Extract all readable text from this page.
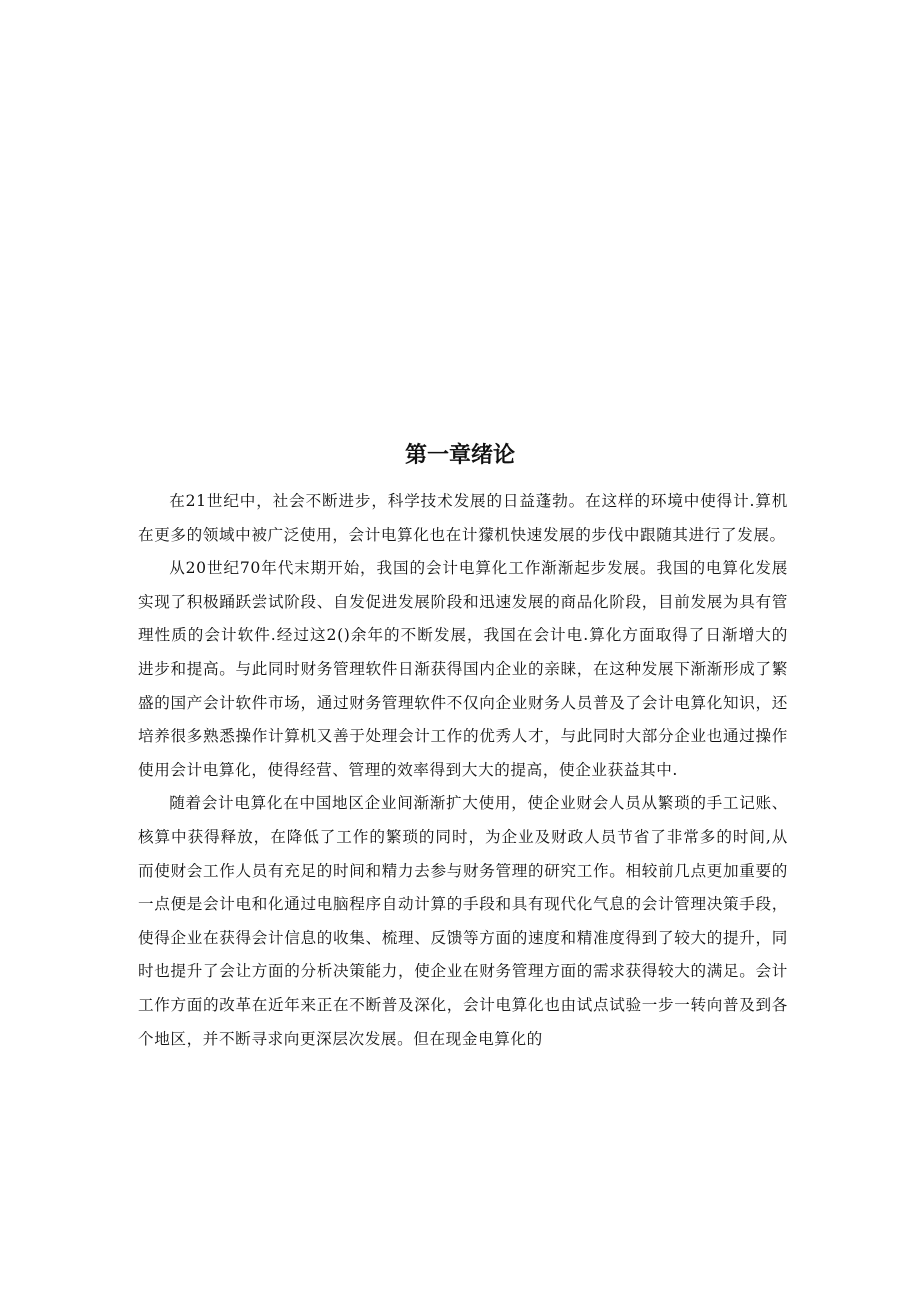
第一章绪论

在21世纪中，社会不断进步，科学技术发展的日益蓬勃。在这样的环境中使得计.算机在更多的领域中被广泛使用，会计电算化也在计獴机快速发展的步伐中跟随其进行了发展。

从20世纪70年代末期开始，我国的会计电算化工作渐渐起步发展。我国的电算化发展实现了积极踊跃尝试阶段、自发促进发展阶段和迅速发展的商品化阶段，目前发展为具有管理性质的会计软件.经过这2()余年的不断发展，我国在会计电.算化方面取得了日渐增大的进步和提高。与此同时财务管理软件日渐获得国内企业的亲睐，在这种发展下渐渐形成了繁盛的国产会计软件市场，通过财务管理软件不仅向企业财务人员普及了会计电算化知识，还培养很多熟悉操作计算机又善于处理会计工作的优秀人才，与此同时大部分企业也通过操作使用会计电算化，使得经营、管理的效率得到大大的提高，使企业获益其中.

随着会计电算化在中国地区企业间渐渐扩大使用，使企业财会人员从繁琐的手工记账、核算中获得释放，在降低了工作的繁琐的同时，为企业及财政人员节省了非常多的时间,从而使财会工作人员有充足的时间和精力去参与财务管理的研究工作。相较前几点更加重要的一点便是会计电和化通过电脑程序自动计算的手段和具有现代化气息的会计管理决策手段，使得企业在获得会计信息的收集、梳理、反馈等方面的速度和精准度得到了较大的提升，同时也提升了会让方面的分析决策能力，使企业在财务管理方面的需求获得较大的满足。会计工作方面的改革在近年来正在不断普及深化，会计电算化也由试点试验一步一转向普及到各个地区，并不断寻求向更深层次发展。但在现金电算化的
